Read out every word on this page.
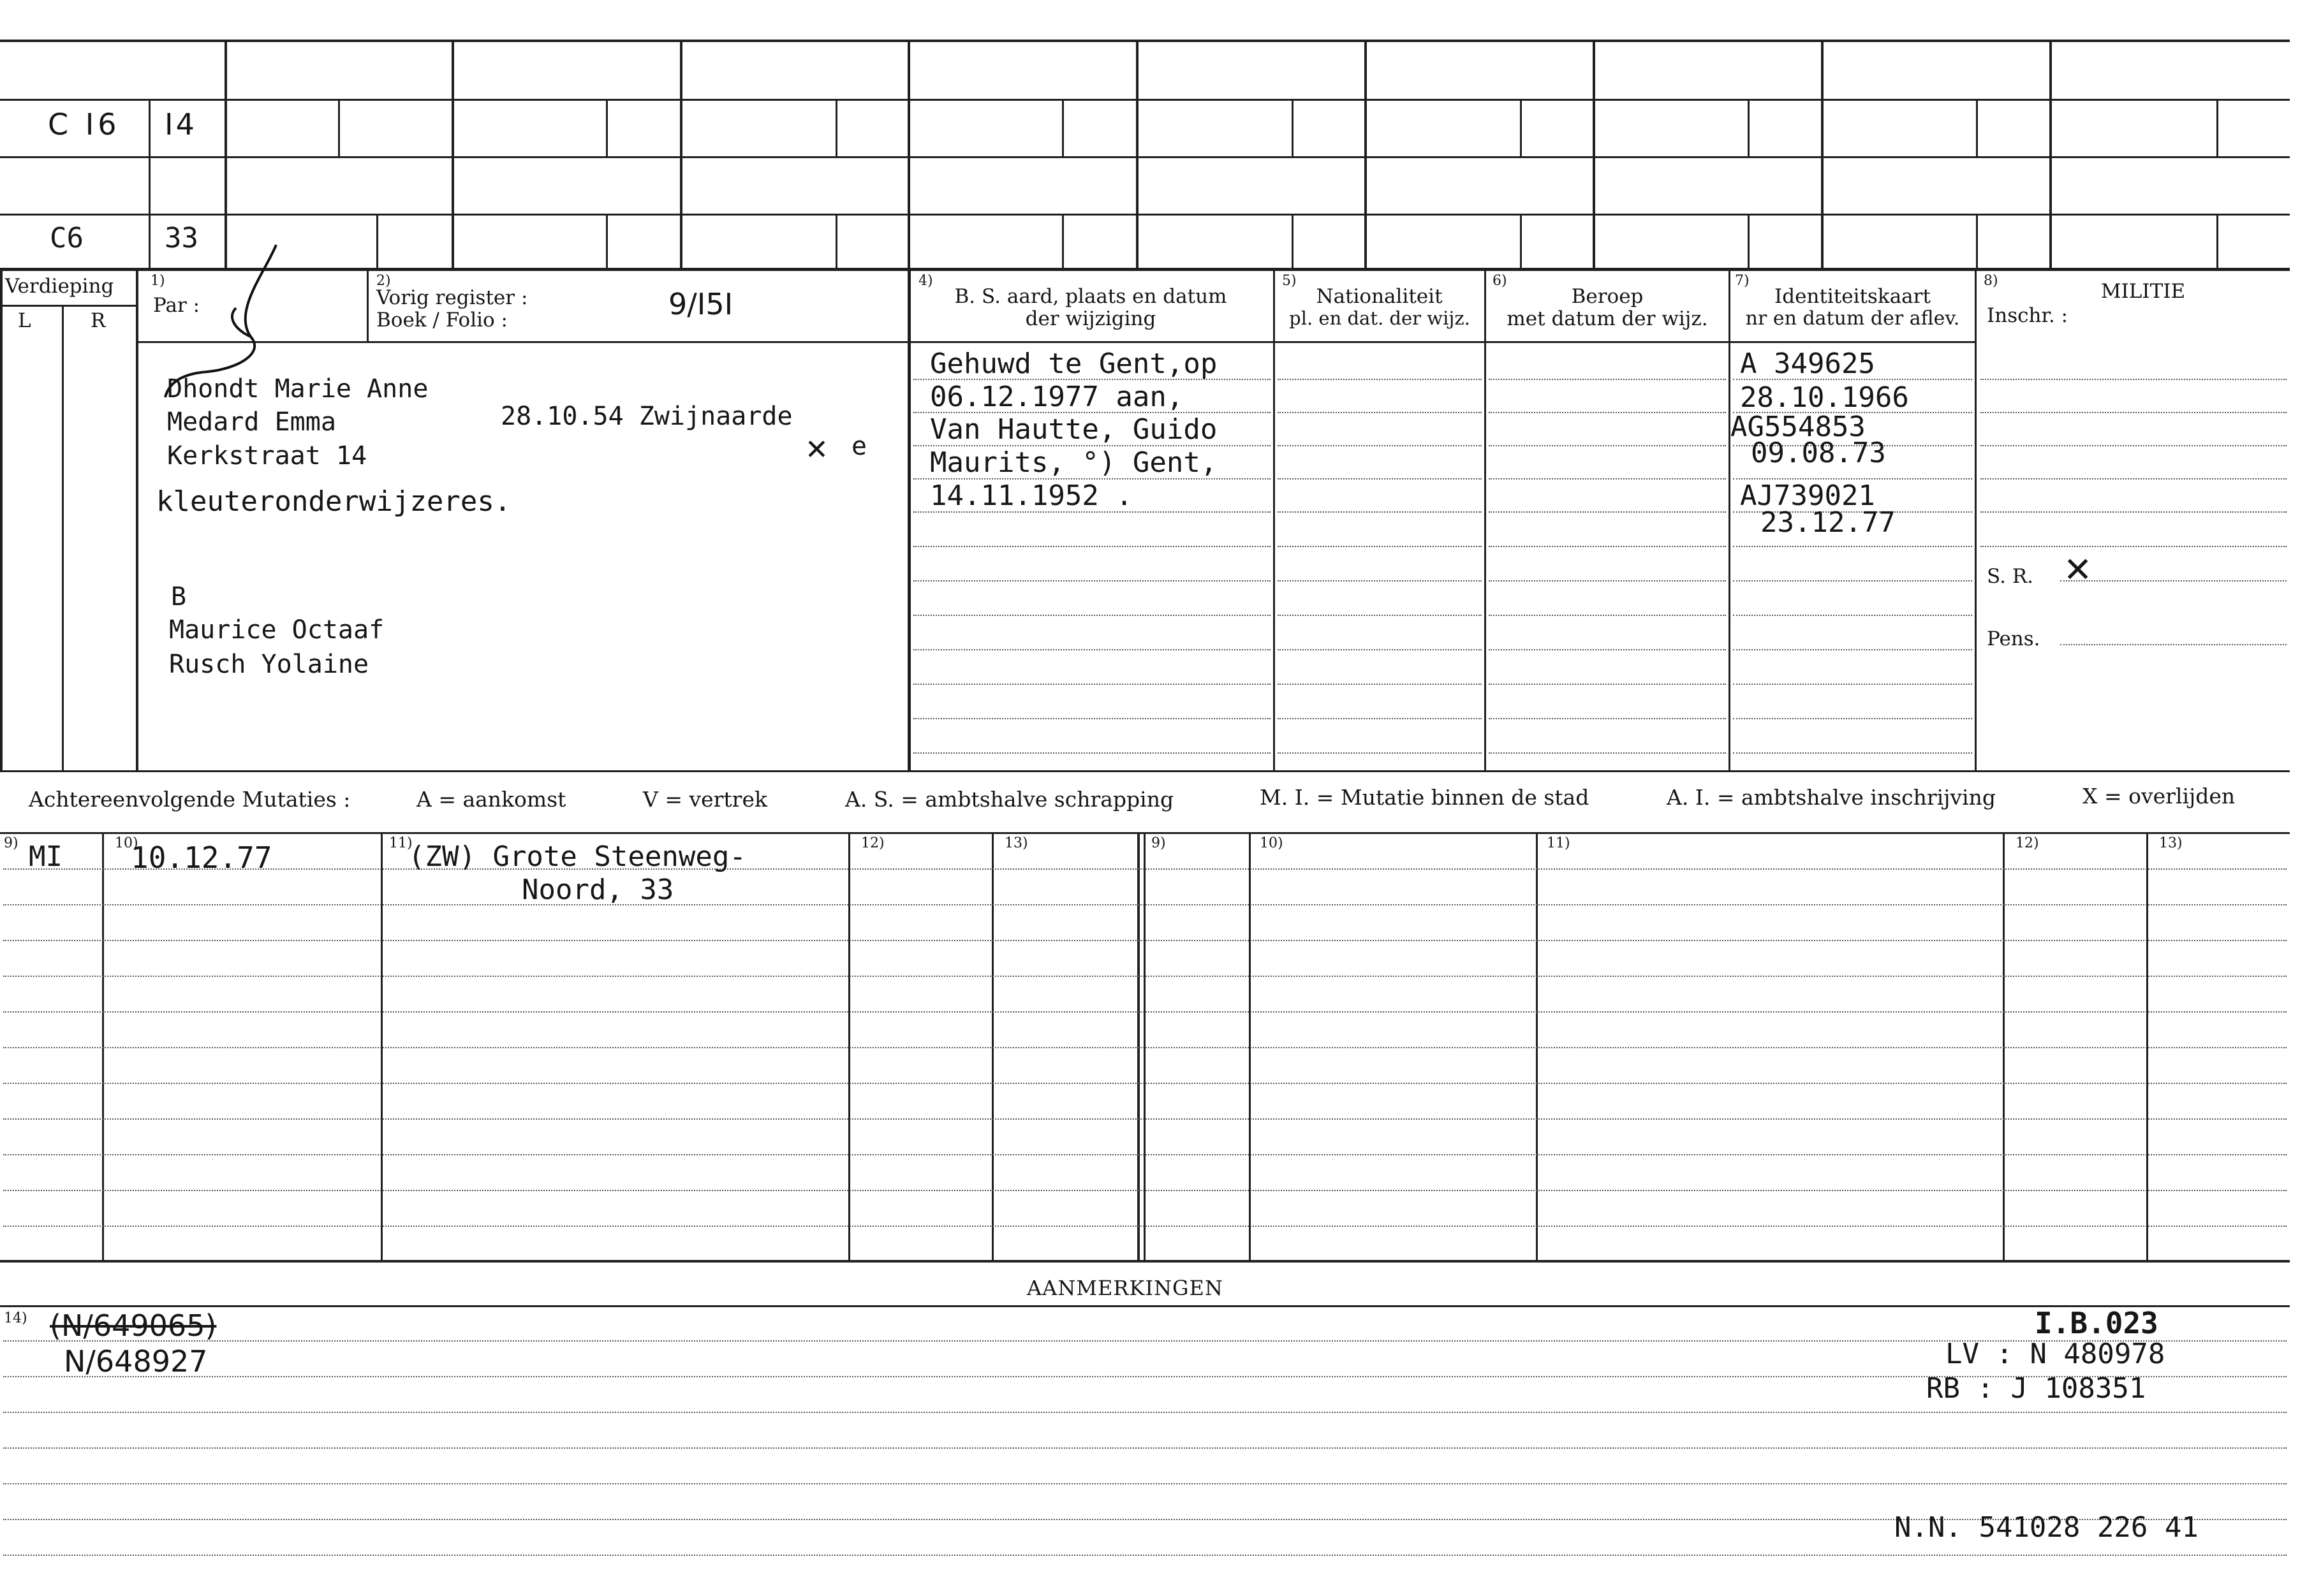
C I6 I4
C6	33
Verdieping
L	R
1)
Par :
2)
Vorig register :
Boek / Folio :	9/I5I
4)
B. S. aard, plaats en datum
der wijziging
5)
Nationaliteit
pl. en dat. der wijz.
6)
Beroep
met datum der wijz.
7)
Identiteitskaart
nr en datum der aflev.
8)	MILITIE
Inschr. :
S. R. ✕
Pens.
Dhondt Marie Anne
Medard Emma	28.10.54 Zwijnaarde
Kerkstraat 14	✕ e
kleuteronderwijzeres.
B
Maurice Octaaf
Rusch Yolaine
Gehuwd te Gent,op
06.12.1977 aan,
Van Hautte, Guido
Maurits, °) Gent,
14.11.1952 .
A 349625
28.10.1966
AG554853
09.08.73
AJ739021
23.12.77
Achtereenvolgende Mutaties :	A = aankomst	V = vertrek	A. S. = ambtshalve schrapping	M. I. = Mutatie binnen de stad	A. I. = ambtshalve inschrijving	X = overlijden
9)	10)	11)	12)	13)	9)	10)	11)	12)	13)
MI 10.12.77	(ZW) Grote Steenweg-
Noord, 33
AANMERKINGEN
14) (N/649065)
N/648927
I.B.023
LV : N 480978
RB : J 108351
N.N. 541028 226 41
